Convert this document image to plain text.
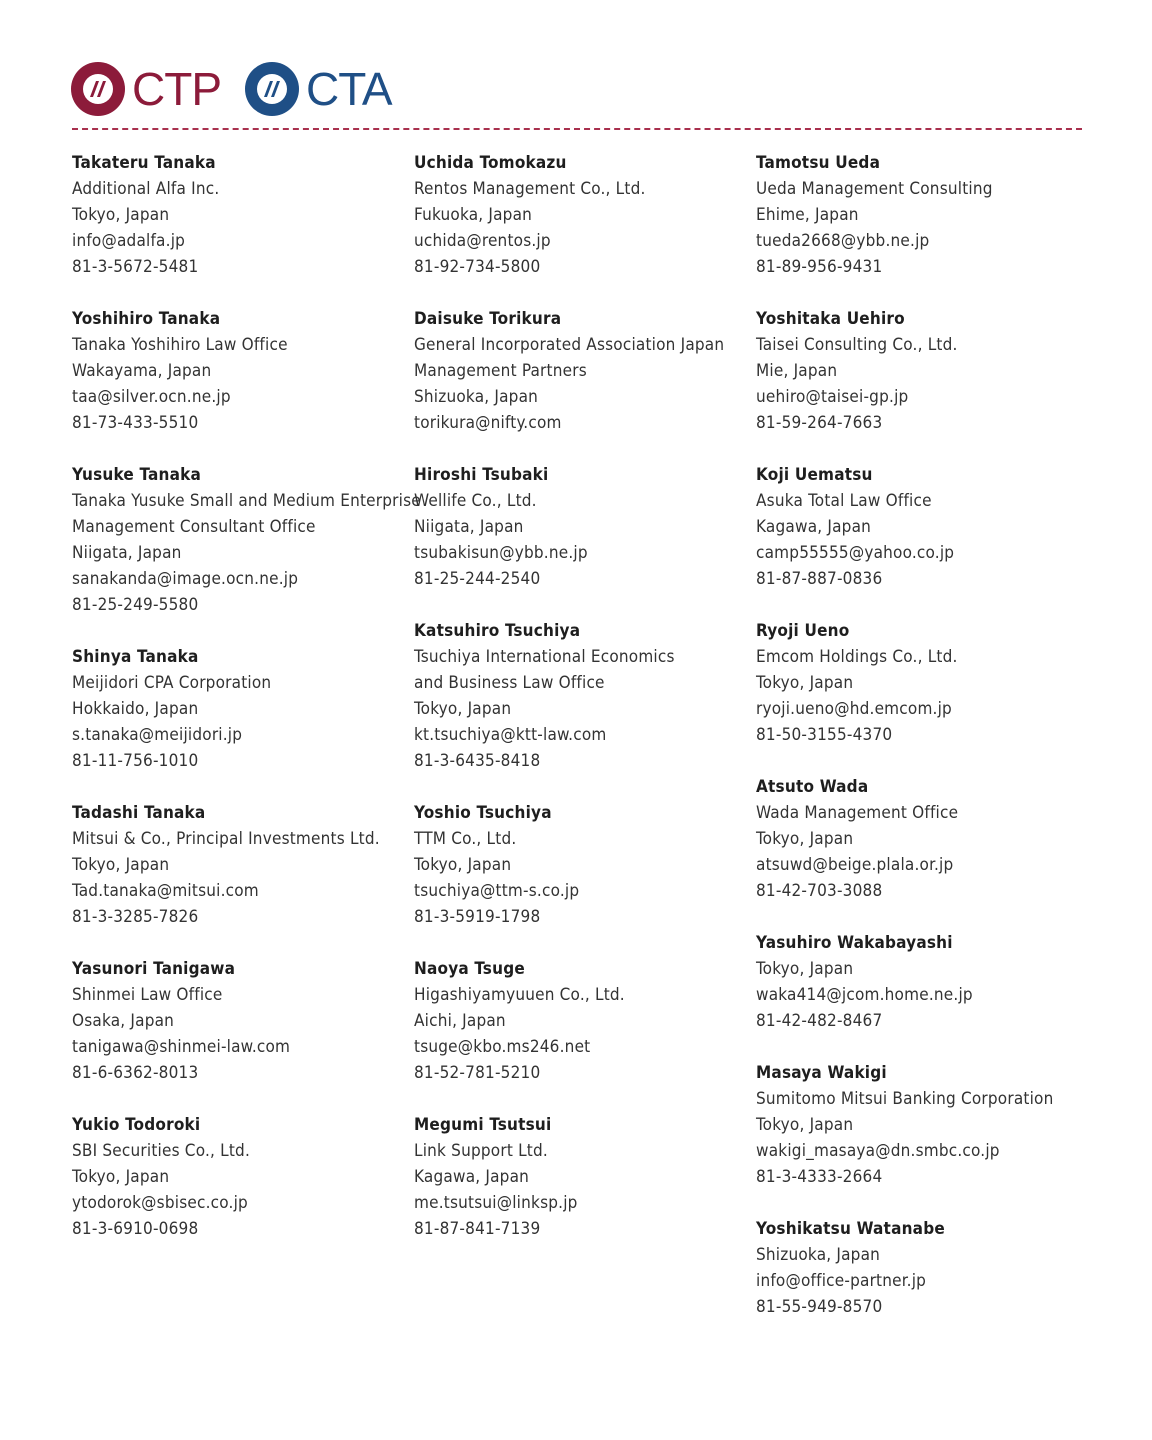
CTP CTA
Takateru Tanaka
Additional Alfa Inc.
Tokyo, Japan
info@adalfa.jp
81-3-5672-5481
Yoshihiro Tanaka
Tanaka Yoshihiro Law Office
Wakayama, Japan
taa@silver.ocn.ne.jp
81-73-433-5510
Yusuke Tanaka
Tanaka Yusuke Small and Medium Enterprise
Management Consultant Office
Niigata, Japan
sanakanda@image.ocn.ne.jp
81-25-249-5580
Shinya Tanaka
Meijidori CPA Corporation
Hokkaido, Japan
s.tanaka@meijidori.jp
81-11-756-1010
Tadashi Tanaka
Mitsui & Co., Principal Investments Ltd.
Tokyo, Japan
Tad.tanaka@mitsui.com
81-3-3285-7826
Yasunori Tanigawa
Shinmei Law Office
Osaka, Japan
tanigawa@shinmei-law.com
81-6-6362-8013
Yukio Todoroki
SBI Securities Co., Ltd.
Tokyo, Japan
ytodorok@sbisec.co.jp
81-3-6910-0698
Uchida Tomokazu
Rentos Management Co., Ltd.
Fukuoka, Japan
uchida@rentos.jp
81-92-734-5800
Daisuke Torikura
General Incorporated Association Japan
Management Partners
Shizuoka, Japan
torikura@nifty.com
Hiroshi Tsubaki
Wellife Co., Ltd.
Niigata, Japan
tsubakisun@ybb.ne.jp
81-25-244-2540
Katsuhiro Tsuchiya
Tsuchiya International Economics
and Business Law Office
Tokyo, Japan
kt.tsuchiya@ktt-law.com
81-3-6435-8418
Yoshio Tsuchiya
TTM Co., Ltd.
Tokyo, Japan
tsuchiya@ttm-s.co.jp
81-3-5919-1798
Naoya Tsuge
Higashiyamyuuen Co., Ltd.
Aichi, Japan
tsuge@kbo.ms246.net
81-52-781-5210
Megumi Tsutsui
Link Support Ltd.
Kagawa, Japan
me.tsutsui@linksp.jp
81-87-841-7139
Tamotsu Ueda
Ueda Management Consulting
Ehime, Japan
tueda2668@ybb.ne.jp
81-89-956-9431
Yoshitaka Uehiro
Taisei Consulting Co., Ltd.
Mie, Japan
uehiro@taisei-gp.jp
81-59-264-7663
Koji Uematsu
Asuka Total Law Office
Kagawa, Japan
camp55555@yahoo.co.jp
81-87-887-0836
Ryoji Ueno
Emcom Holdings Co., Ltd.
Tokyo, Japan
ryoji.ueno@hd.emcom.jp
81-50-3155-4370
Atsuto Wada
Wada Management Office
Tokyo, Japan
atsuwd@beige.plala.or.jp
81-42-703-3088
Yasuhiro Wakabayashi
Tokyo, Japan
waka414@jcom.home.ne.jp
81-42-482-8467
Masaya Wakigi
Sumitomo Mitsui Banking Corporation
Tokyo, Japan
wakigi_masaya@dn.smbc.co.jp
81-3-4333-2664
Yoshikatsu Watanabe
Shizuoka, Japan
info@office-partner.jp
81-55-949-8570
